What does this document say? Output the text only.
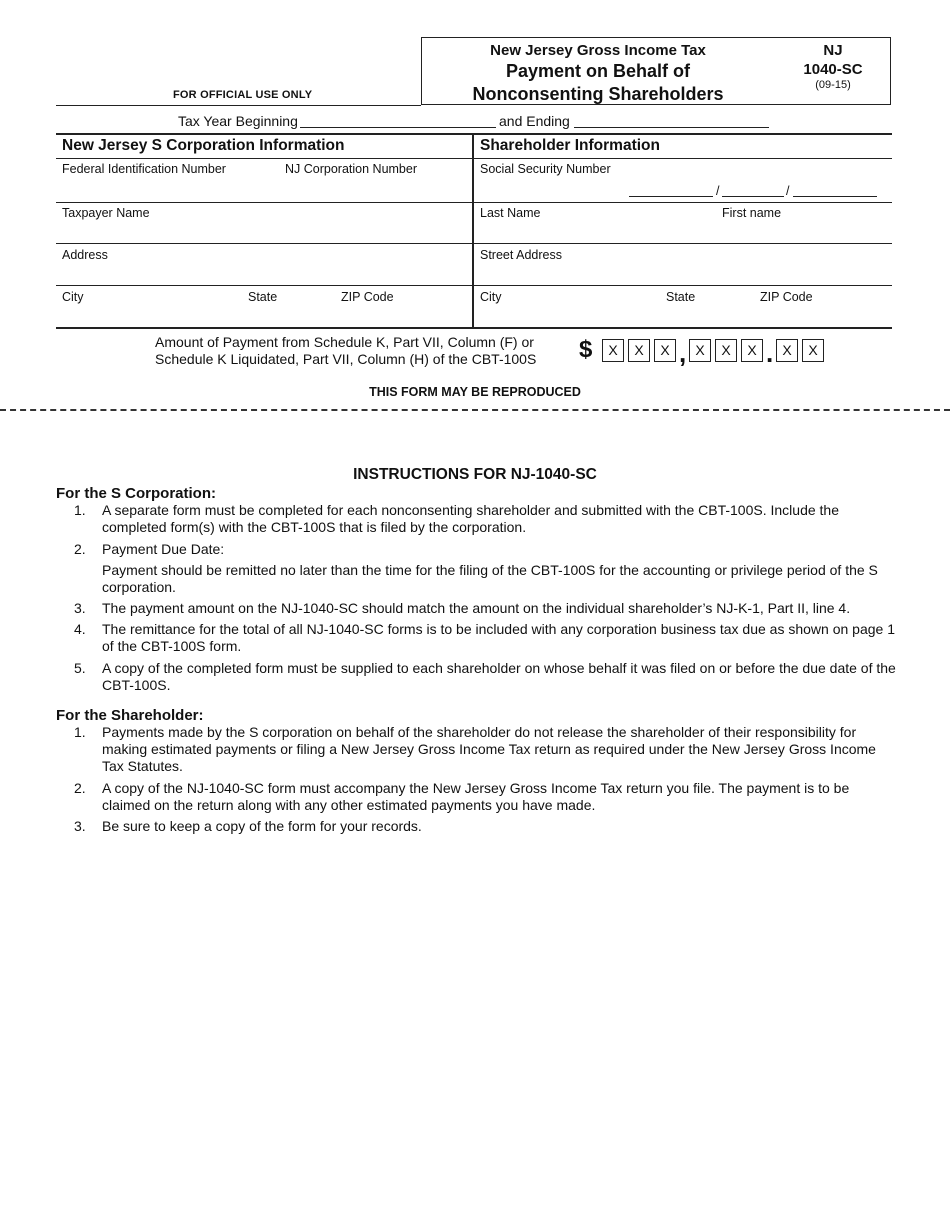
FOR OFFICIAL USE ONLY
New Jersey Gross Income Tax
Payment on Behalf of
Nonconsenting Shareholders
NJ
1040-SC
(09-15)
Tax Year Beginning	and Ending
New Jersey S Corporation Information
Federal Identification Number	NJ Corporation Number
Taxpayer Name
Address
City	State	ZIP Code
Shareholder Information
Social Security Number
/	/
Last Name	First name
Street Address
City	State	ZIP Code
Amount of Payment from Schedule K, Part VII, Column (F) or
Schedule K Liquidated, Part VII, Column (H) of the CBT-100S $	X	X	X , X	X	X . X	X
THIS FORM MAY BE REPRODUCED
INSTRUCTIONS FOR NJ-1040-SC
For the S Corporation:
1. A separate form must be completed for each nonconsenting shareholder and submitted with the CBT-100S. Include the completed form(s) with the CBT-100S that is filed by the corporation.
2. Payment Due Date:
Payment should be remitted no later than the time for the filing of the CBT-100S for the accounting or privilege period of the S corporation.
3. The payment amount on the NJ-1040-SC should match the amount on the individual shareholder’s NJ-K-1, Part II, line 4.
4. The remittance for the total of all NJ-1040-SC forms is to be included with any corporation business tax due as shown on page 1 of the CBT-100S form.
5. A copy of the completed form must be supplied to each shareholder on whose behalf it was filed on or before the due date of the CBT-100S.
For the Shareholder:
1. Payments made by the S corporation on behalf of the shareholder do not release the shareholder of their responsibility for making estimated payments or filing a New Jersey Gross Income Tax return as required under the New Jersey Gross Income Tax Statutes.
2. A copy of the NJ-1040-SC form must accompany the New Jersey Gross Income Tax return you file. The payment is to be claimed on the return along with any other estimated payments you have made.
3. Be sure to keep a copy of the form for your records.
